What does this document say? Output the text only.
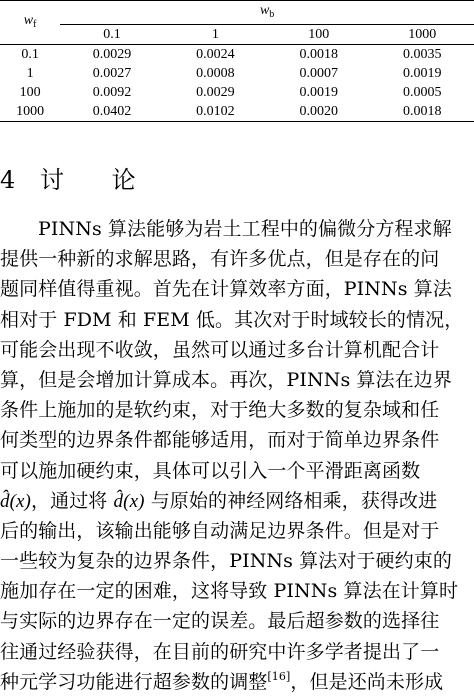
$w_f$	$w_b$
	0.1	1	100	1000
0.1	0.0029	0.0024	0.0018	0.0035
1	0.0027	0.0008	0.0007	0.0019
100	0.0092	0.0029	0.0019	0.0005
1000	0.0402	0.0102	0.0020	0.0018
4 讨 论
PINNs 算法能够为岩土工程中的偏微分方程求解
提供一种新的求解思路，有许多优点，但是存在的问
题同样值得重视。首先在计算效率方面，PINNs 算法
相对于 FDM 和 FEM 低。其次对于时域较长的情况，
可能会出现不收敛，虽然可以通过多台计算机配合计
算，但是会增加计算成本。再次，PINNs 算法在边界
条件上施加的是软约束，对于绝大多数的复杂域和任
何类型的边界条件都能够适用，而对于简单边界条件
可以施加硬约束，具体可以引入一个平滑距离函数
d̂(x)，通过将 d̂(x) 与原始的神经网络相乘，获得改进
后的输出，该输出能够自动满足边界条件。但是对于
一些较为复杂的边界条件，PINNs 算法对于硬约束的
施加存在一定的困难，这将导致 PINNs 算法在计算时
与实际的边界存在一定的误差。最后超参数的选择往
往通过经验获得，在目前的研究中许多学者提出了一
种元学习功能进行超参数的调整[16]，但是还尚未形成
